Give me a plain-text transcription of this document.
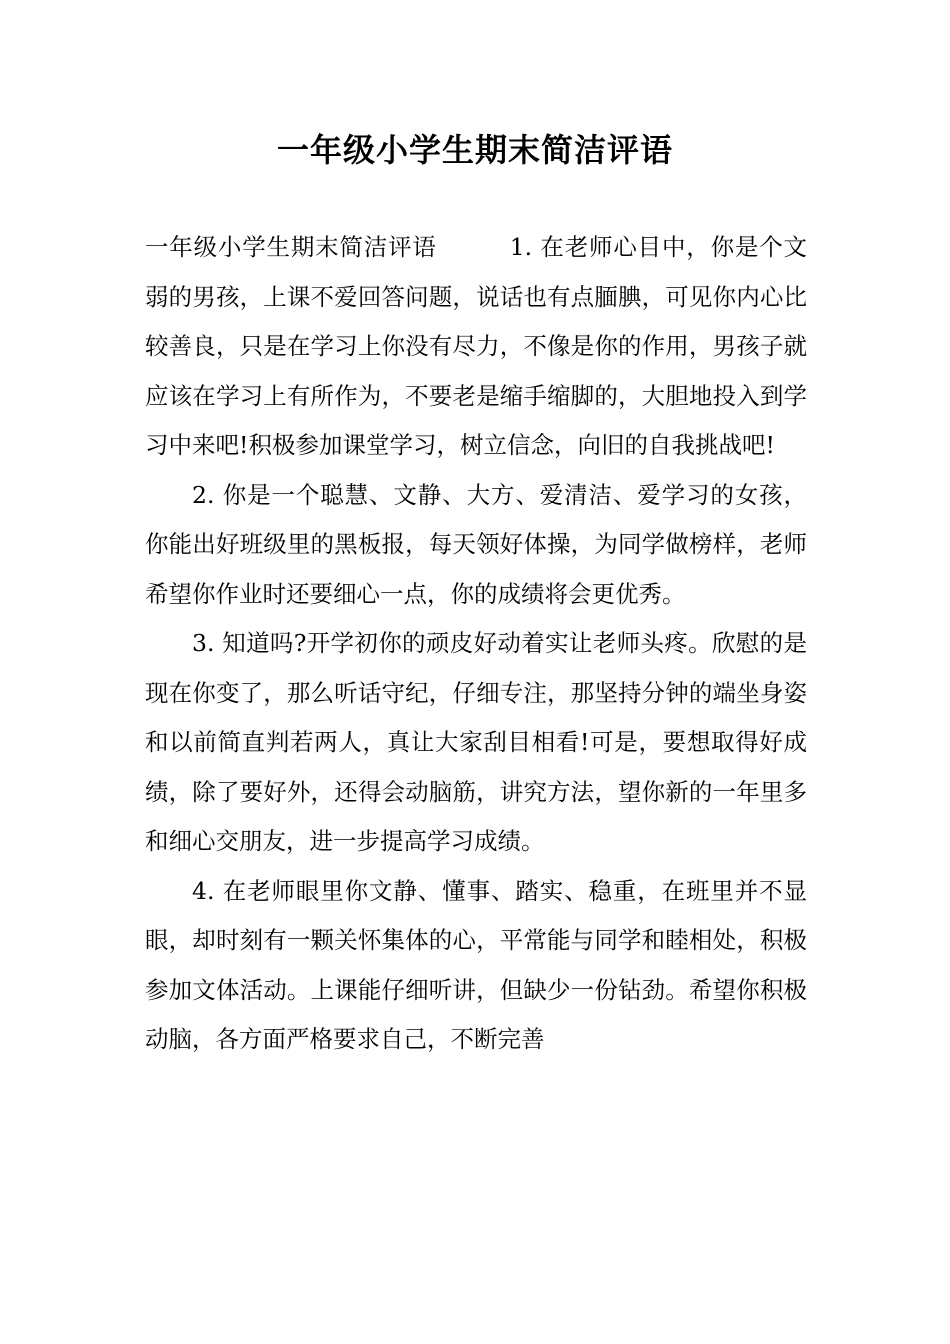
一年级小学生期末简洁评语

一年级小学生期末简洁评语　　　	1. 在老师心目中，你是个文弱的男孩，上课不爱回答问题，说话也有点腼腆，可见你内心比较善良，只是在学习上你没有尽力，不像是你的作用，男孩子就应该在学习上有所作为，不要老是缩手缩脚的，大胆地投入到学习中来吧!积极参加课堂学习，树立信念，向旧的自我挑战吧!

2. 你是一个聪慧、文静、大方、爱清洁、爱学习的女孩，你能出好班级里的黑板报，每天领好体操，为同学做榜样，老师希望你作业时还要细心一点，你的成绩将会更优秀。

3. 知道吗?开学初你的顽皮好动着实让老师头疼。欣慰的是现在你变了，那么听话守纪，仔细专注，那坚持分钟的端坐身姿和以前简直判若两人，真让大家刮目相看!可是，要想取得好成绩，除了要好外，还得会动脑筋，讲究方法，望你新的一年里多和细心交朋友，进一步提高学习成绩。

4. 在老师眼里你文静、懂事、踏实、稳重，在班里并不显眼，却时刻有一颗关怀集体的心，平常能与同学和睦相处，积极参加文体活动。上课能仔细听讲，但缺少一份钻劲。希望你积极动脑，各方面严格要求自己，不断完善
